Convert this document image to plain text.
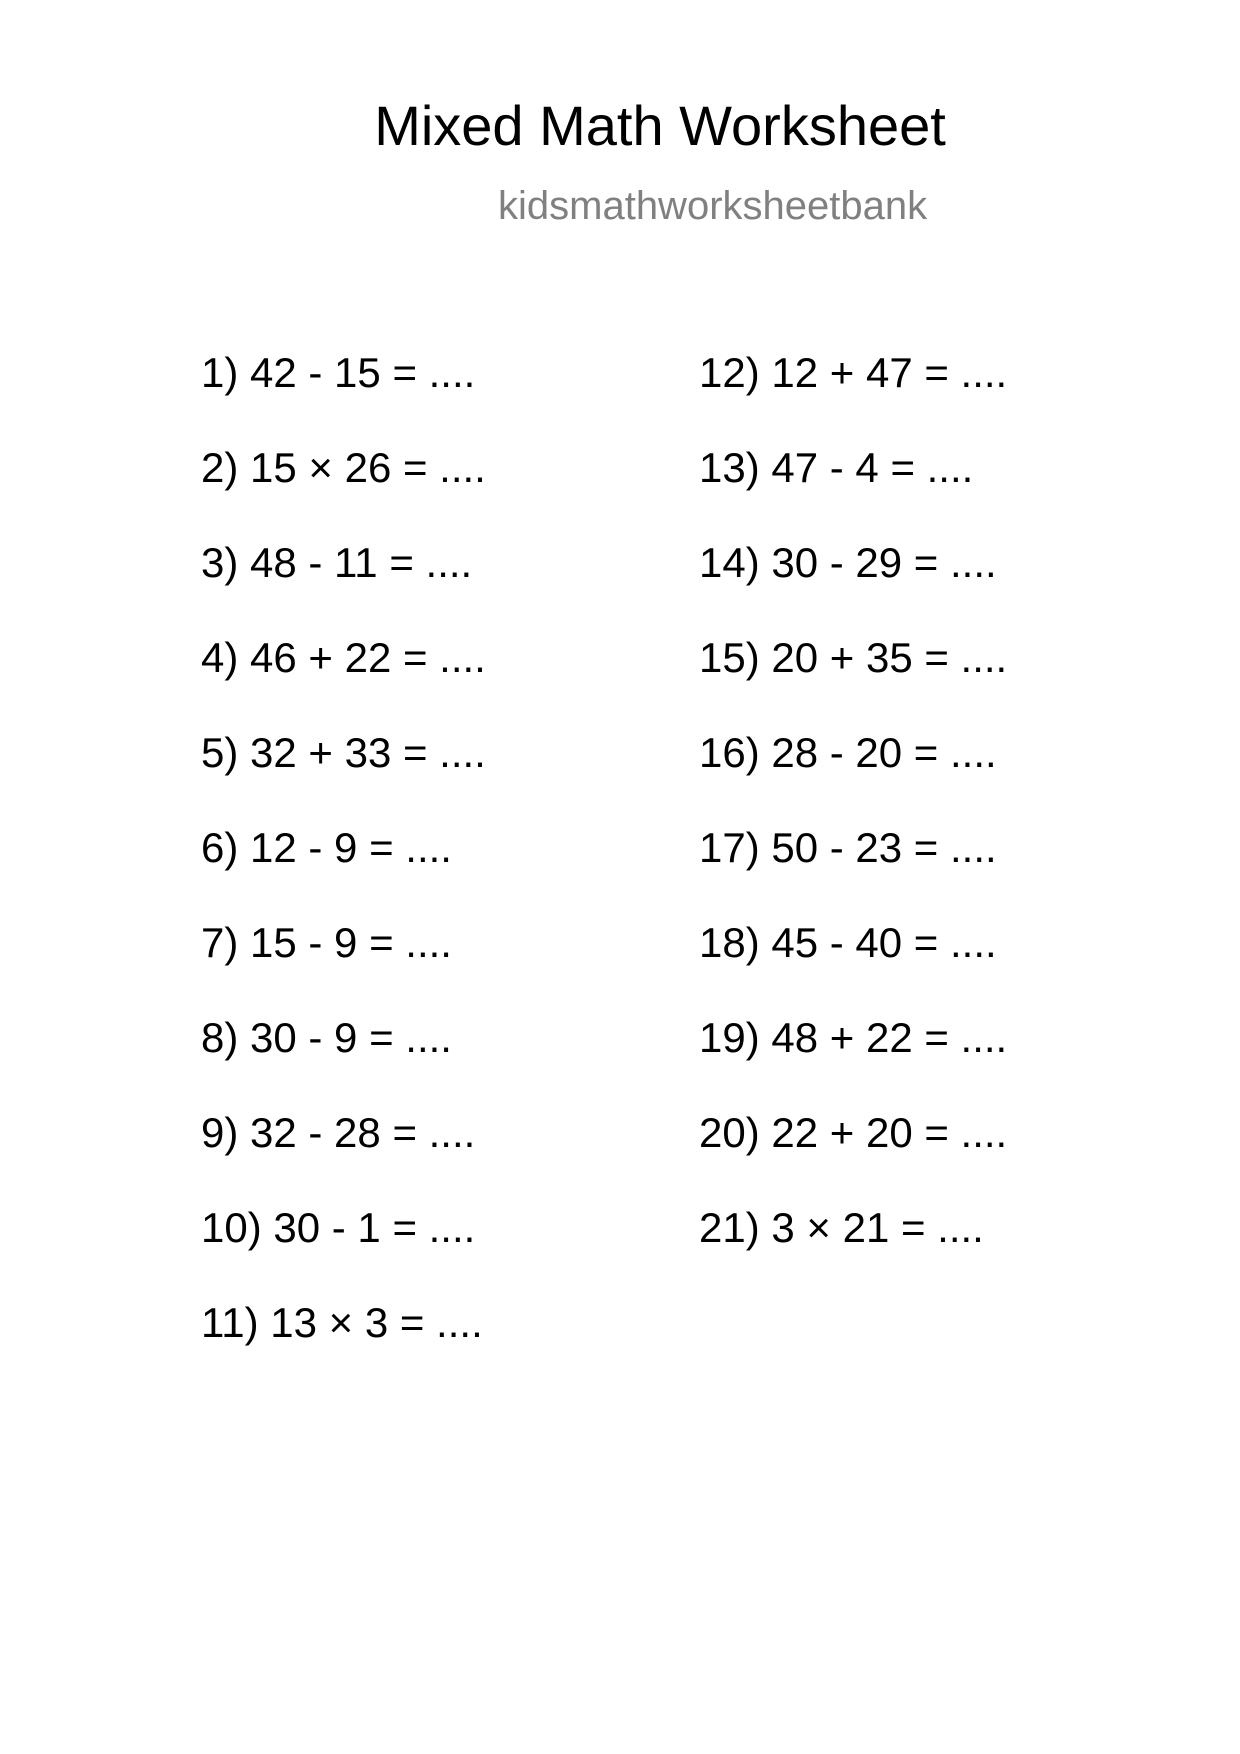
Mixed Math Worksheet
kidsmathworksheetbank
1) 42 - 15 = ....
2) 15 × 26 = ....
3) 48 - 11 = ....
4) 46 + 22 = ....
5) 32 + 33 = ....
6) 12 - 9 = ....
7) 15 - 9 = ....
8) 30 - 9 = ....
9) 32 - 28 = ....
10) 30 - 1 = ....
11) 13 × 3 = ....
12) 12 + 47 = ....
13) 47 - 4 = ....
14) 30 - 29 = ....
15) 20 + 35 = ....
16) 28 - 20 = ....
17) 50 - 23 = ....
18) 45 - 40 = ....
19) 48 + 22 = ....
20) 22 + 20 = ....
21) 3 × 21 = ....
